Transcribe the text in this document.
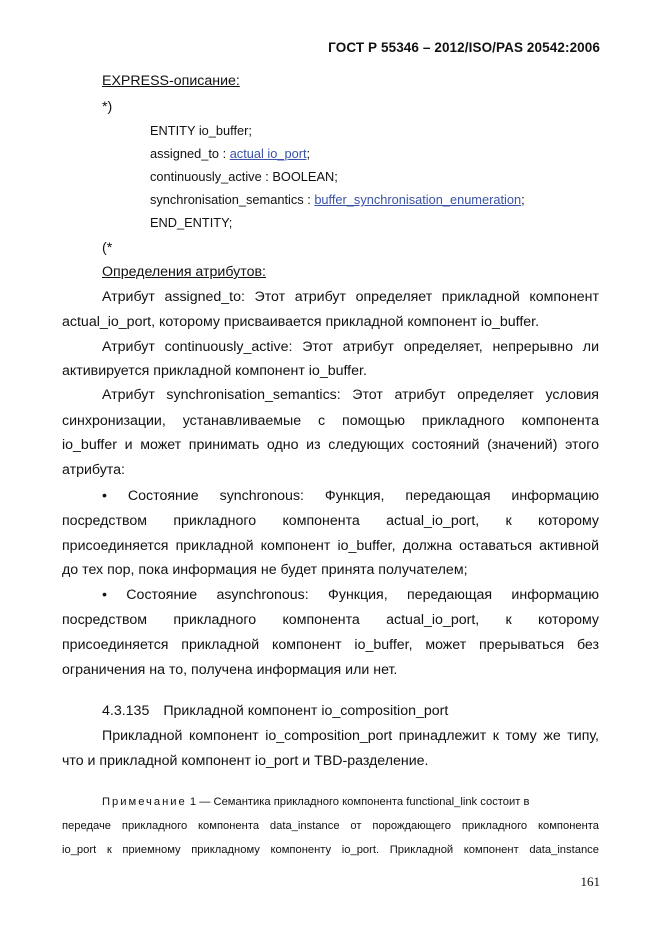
ГОСТ Р 55346 – 2012/ISO/PAS 20542:2006
EXPRESS-описание:
*)
ENTITY io_buffer;
assigned_to : actual io_port;
continuously_active : BOOLEAN;
synchronisation_semantics : buffer_synchronisation_enumeration;
END_ENTITY;
(*
Определения атрибутов:
Атрибут assigned_to: Этот атрибут определяет прикладной компонент
actual_io_port, которому присваивается прикладной компонент io_buffer.
Атрибут continuously_active: Этот атрибут определяет, непрерывно ли
активируется прикладной компонент io_buffer.
Атрибут synchronisation_semantics: Этот атрибут определяет условия
синхронизации, устанавливаемые с помощью прикладного компонента
io_buffer и может принимать одно из следующих состояний (значений) этого
атрибута:
• Состояние synchronous: Функция, передающая информацию
посредством прикладного компонента actual_io_port, к которому
присоединяется прикладной компонент io_buffer, должна оставаться активной
до тех пор, пока информация не будет принята получателем;
• Состояние asynchronous: Функция, передающая информацию
посредством прикладного компонента actual_io_port, к которому
присоединяется прикладной компонент io_buffer, может прерываться без
ограничения на то, получена информация или нет.
4.3.135 Прикладной компонент io_composition_port
Прикладной компонент io_composition_port принадлежит к тому же типу,
что и прикладной компонент io_port и TBD-разделение.
Примечание 1 — Семантика прикладного компонента functional_link состоит в
передаче прикладного компонента data_instance от порождающего прикладного компонента
io_port к приемному прикладному компоненту io_port. Прикладной компонент data_instance
161
